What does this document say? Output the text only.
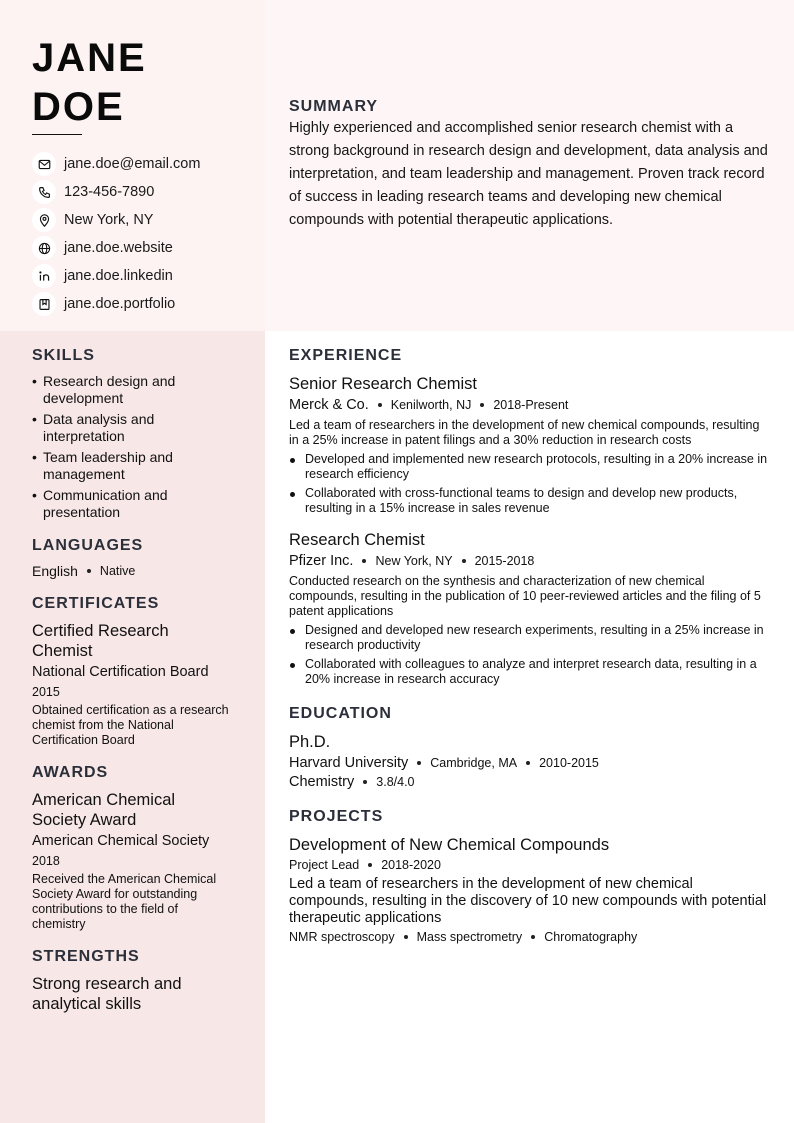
JANE
DOE
jane.doe@email.com
123-456-7890
New York, NY
jane.doe.website
jane.doe.linkedin
jane.doe.portfolio
SUMMARY

Highly experienced and accomplished senior research chemist with a strong background in research design and development, data analysis and interpretation, and team leadership and management. Proven track record of success in leading research teams and developing new chemical compounds with potential therapeutic applications.

SKILLS
• Research design and development
• Data analysis and interpretation
• Team leadership and management
• Communication and presentation
LANGUAGES
English Native
CERTIFICATES
Certified Research Chemist
National Certification Board
2015
Obtained certification as a research chemist from the National Certification Board
AWARDS
American Chemical Society Award
American Chemical Society
2018
Received the American Chemical Society Award for outstanding contributions to the field of chemistry
STRENGTHS
Strong research and analytical skills
EXPERIENCE
Senior Research Chemist
Merck & Co. Kenilworth, NJ 2018-Present
Led a team of researchers in the development of new chemical compounds, resulting in a 25% increase in patent filings and a 30% reduction in research costs
Developed and implemented new research protocols, resulting in a 20% increase in research efficiency
Collaborated with cross-functional teams to design and develop new products, resulting in a 15% increase in sales revenue
Research Chemist
Pfizer Inc. New York, NY 2015-2018
Conducted research on the synthesis and characterization of new chemical compounds, resulting in the publication of 10 peer-reviewed articles and the filing of 5 patent applications
Designed and developed new research experiments, resulting in a 25% increase in research productivity
Collaborated with colleagues to analyze and interpret research data, resulting in a 20% increase in research accuracy
EDUCATION
Ph.D.
Harvard University Cambridge, MA 2010-2015
Chemistry 3.8/4.0
PROJECTS
Development of New Chemical Compounds
Project Lead 2018-2020
Led a team of researchers in the development of new chemical compounds, resulting in the discovery of 10 new compounds with potential therapeutic applications
NMR spectroscopy Mass spectrometry Chromatography
